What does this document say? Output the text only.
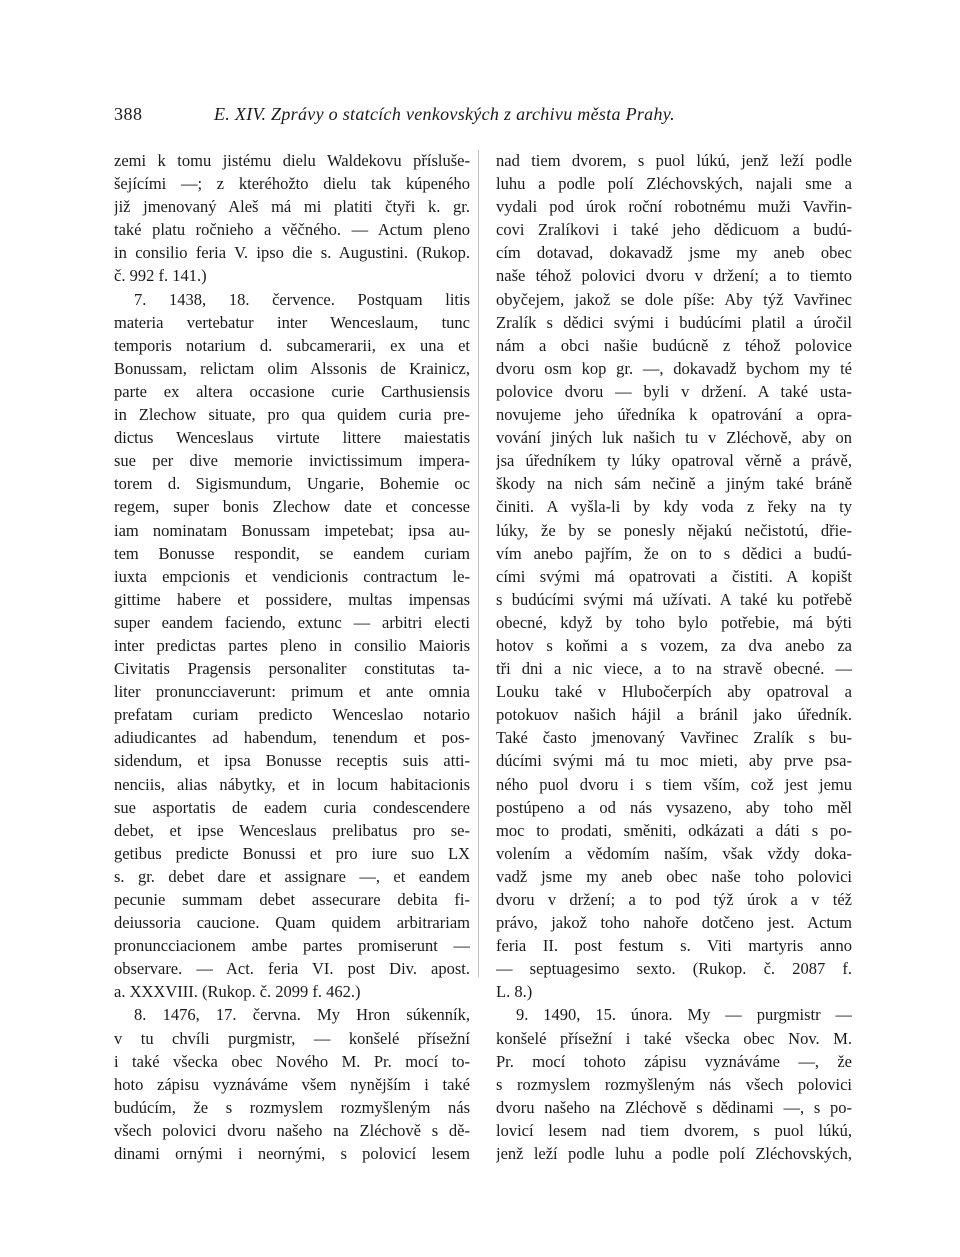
388	E. XIV. Zprávy o statcích venkovských z archivu města Prahy.
zemi k tomu jistému dielu Waldekovu přísluše-
šejícími —; z kteréhožto dielu tak kúpeného
již jmenovaný Aleš má mi platiti čtyři k. gr.
také platu ročnieho a věčného. — Actum pleno
in consilio feria V. ipso die s. Augustini. (Rukop.
č. 992 f. 141.)
7. 1438, 18. července. Postquam litis
materia vertebatur inter Wenceslaum, tunc
temporis notarium d. subcamerarii, ex una et
Bonussam, relictam olim Alssonis de Krainicz,
parte ex altera occasione curie Carthusiensis
in Zlechow situate, pro qua quidem curia pre-
dictus Wenceslaus virtute littere maiestatis
sue per dive memorie invictissimum impera-
torem d. Sigismundum, Ungarie, Bohemie oc
regem, super bonis Zlechow date et concesse
iam nominatam Bonussam impetebat; ipsa au-
tem Bonusse respondit, se eandem curiam
iuxta empcionis et vendicionis contractum le-
gittime habere et possidere, multas impensas
super eandem faciendo, extunc — arbitri electi
inter predictas partes pleno in consilio Maioris
Civitatis Pragensis personaliter constitutas ta-
liter pronuncciaverunt: primum et ante omnia
prefatam curiam predicto Wenceslao notario
adiudicantes ad habendum, tenendum et pos-
sidendum, et ipsa Bonusse receptis suis atti-
nenciis, alias nábytky, et in locum habitacionis
sue asportatis de eadem curia condescendere
debet, et ipse Wenceslaus prelibatus pro se-
getibus predicte Bonussi et pro iure suo LX
s. gr. debet dare et assignare —, et eandem
pecunie summam debet assecurare debita fi-
deiussoria caucione. Quam quidem arbitrariam
pronuncciacionem ambe partes promiserunt —
observare. — Act. feria VI. post Div. apost.
a. XXXVIII. (Rukop. č. 2099 f. 462.)
8. 1476, 17. června. My Hron súkenník,
v tu chvíli purgmistr, — konšelé přísežní
i také všecka obec Nového M. Pr. mocí to-
hoto zápisu vyznáváme všem nynějším i také
budúcím, že s rozmyslem rozmyšleným nás
všech polovici dvoru našeho na Zléchově s dě-
dinami ornými i neornými, s polovicí lesem
nad tiem dvorem, s puol lúkú, jenž leží podle
luhu a podle polí Zléchovských, najali sme a
vydali pod úrok roční robotnému muži Vavřin-
covi Zralíkovi i také jeho dědicuom a budú-
cím dotavad, dokavadž jsme my aneb obec
naše téhož polovici dvoru v držení; a to tiemto
obyčejem, jakož se dole píše: Aby týž Vavřinec
Zralík s dědici svými i budúcími platil a úročil
nám a obci našie budúcně z téhož polovice
dvoru osm kop gr. —, dokavadž bychom my té
polovice dvoru — byli v držení. A také usta-
novujeme jeho úředníka k opatrování a opra-
vování jiných luk našich tu v Zléchově, aby on
jsa úředníkem ty lúky opatroval věrně a právě,
škody na nich sám nečině a jiným také bráně
činiti. A vyšla-li by kdy voda z řeky na ty
lúky, že by se ponesly nějakú nečistotú, dřie-
vím anebo pajřím, že on to s dědici a budú-
cími svými má opatrovati a čistiti. A kopišt
s budúcími svými má užívati. A také ku potřebě
obecné, když by toho bylo potřebie, má býti
hotov s koňmi a s vozem, za dva anebo za
tři dni a nic viece, a to na stravě obecné. —
Louku také v Hlubočerpích aby opatroval a
potokuov našich hájil a bránil jako úředník.
Také často jmenovaný Vavřinec Zralík s bu-
dúcími svými má tu moc mieti, aby prve psa-
ného puol dvoru i s tiem vším, což jest jemu
postúpeno a od nás vysazeno, aby toho měl
moc to prodati, směniti, odkázati a dáti s po-
volením a vědomím naším, však vždy doka-
vadž jsme my aneb obec naše toho polovici
dvoru v držení; a to pod týž úrok a v též
právo, jakož toho nahoře dotčeno jest. Actum
feria II. post festum s. Viti martyris anno
— septuagesimo sexto. (Rukop. č. 2087 f.
L. 8.)
9. 1490, 15. února. My — purgmistr —
konšelé přísežní i také všecka obec Nov. M.
Pr. mocí tohoto zápisu vyznáváme —, že
s rozmyslem rozmyšleným nás všech polovici
dvoru našeho na Zléchově s dědinami —, s po-
lovicí lesem nad tiem dvorem, s puol lúkú,
jenž leží podle luhu a podle polí Zléchovských,
